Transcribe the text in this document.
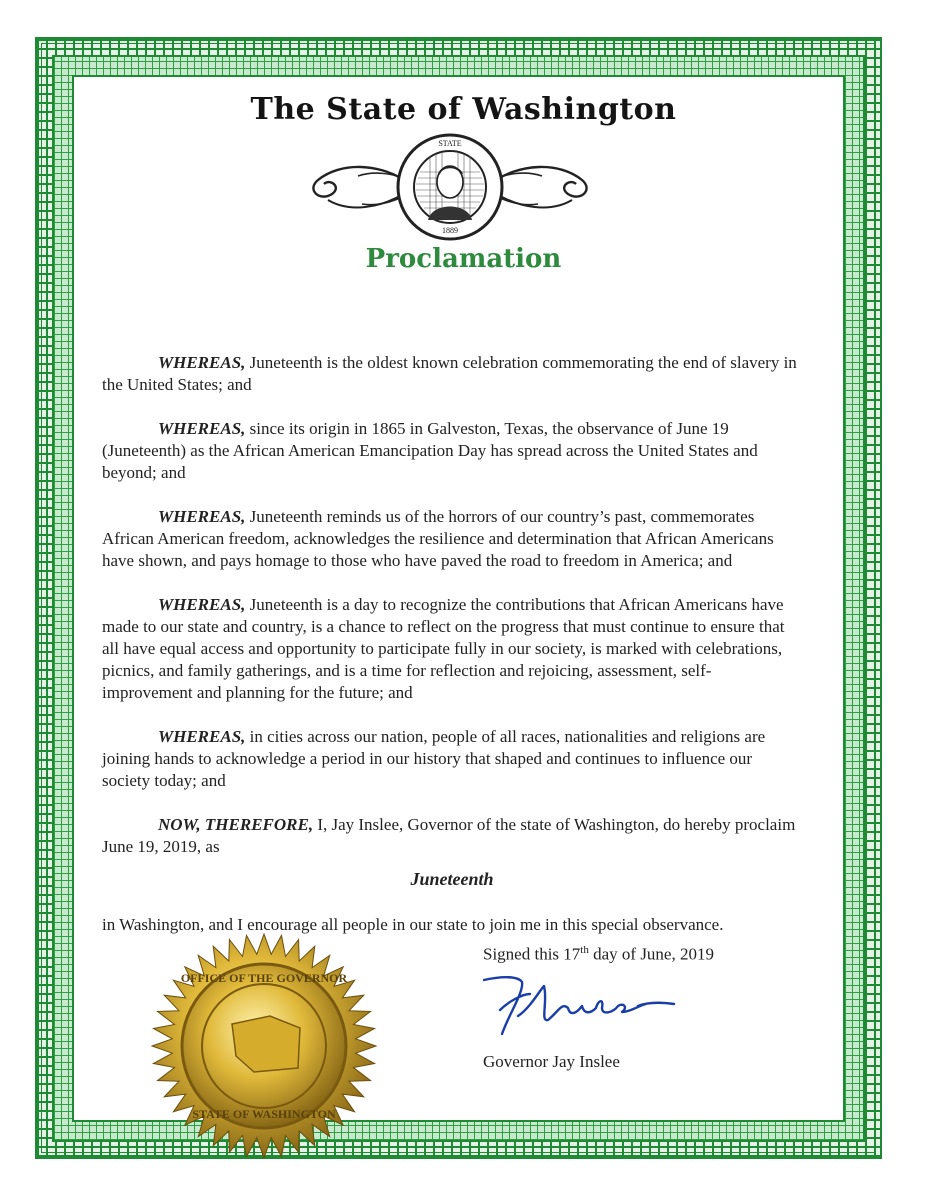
The State of Washington
STATE
1889
Proclamation

WHEREAS, Juneteenth is the oldest known celebration commemorating the end of slavery in the United States; and

WHEREAS, since its origin in 1865 in Galveston, Texas, the observance of June 19 (Juneteenth) as the African American Emancipation Day has spread across the United States and beyond; and

WHEREAS, Juneteenth reminds us of the horrors of our country’s past, commemorates African American freedom, acknowledges the resilience and determination that African Americans have shown, and pays homage to those who have paved the road to freedom in America; and

WHEREAS, Juneteenth is a day to recognize the contributions that African Americans have made to our state and country, is a chance to reflect on the progress that must continue to ensure that all have equal access and opportunity to participate fully in our society, is marked with celebrations, picnics, and family gatherings, and is a time for reflection and rejoicing, assessment, self-improvement and planning for the future; and

WHEREAS, in cities across our nation, people of all races, nationalities and religions are joining hands to acknowledge a period in our history that shaped and continues to influence our society today; and

NOW, THEREFORE, I, Jay Inslee, Governor of the state of Washington, do hereby proclaim June 19, 2019, as

Juneteenth

in Washington, and I encourage all people in our state to join me in this special observance.

Signed this 17th day of June, 2019
Governor Jay Inslee
OFFICE OF THE GOVERNOR
STATE OF WASHINGTON
